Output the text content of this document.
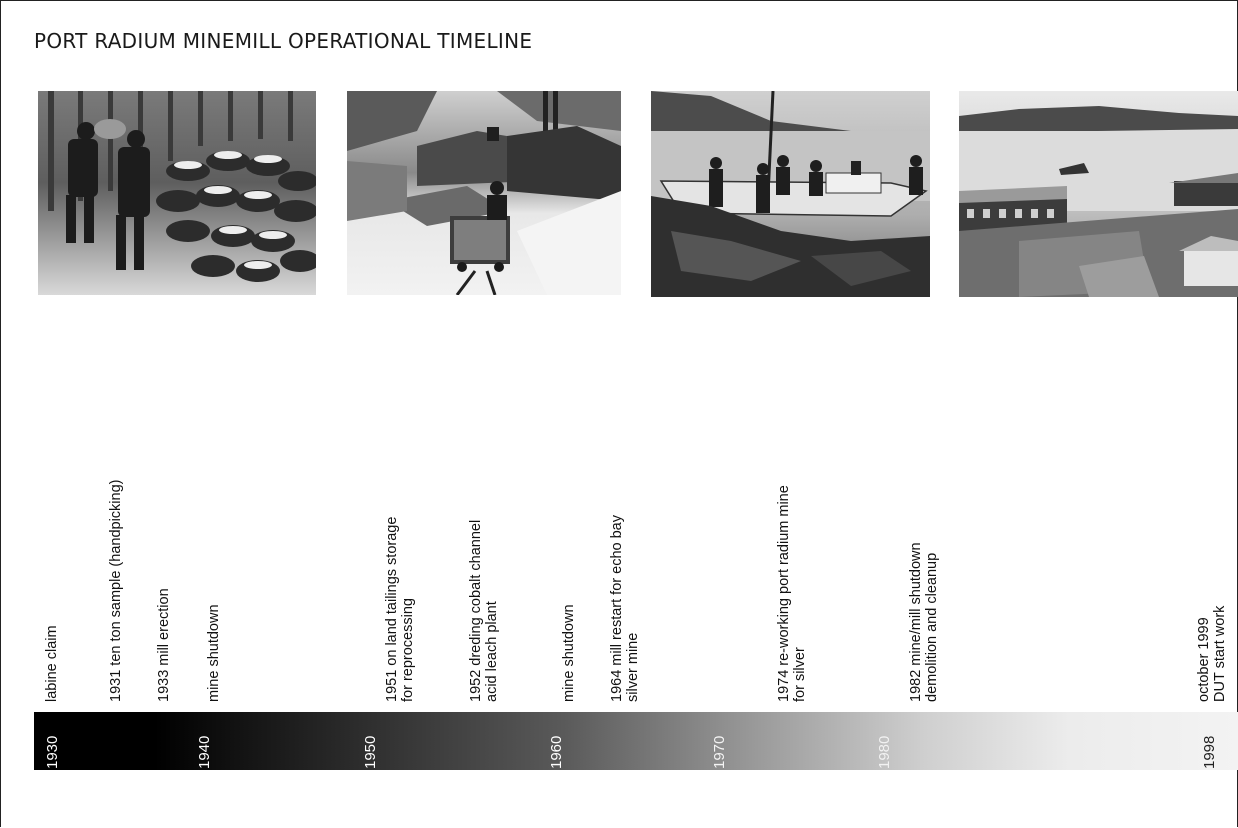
PORT RADIUM MINEMILL OPERATIONAL TIMELINE
labine claim	1931 ten ton sample (handpicking) 1933 mill erection mine shutdown	1951 on land tailings storage
for reprocessing
1952 dreding cobalt channel
acid leach plant	mine shutdown 1964 mill restart for echo bay
silver mine
1974 re-working port radium mine
for silver
1982 mine/mill shutdown
demolition and cleanup
october 1999
DUT start work
1930	1940	1950	1960	1970	1980	1998
